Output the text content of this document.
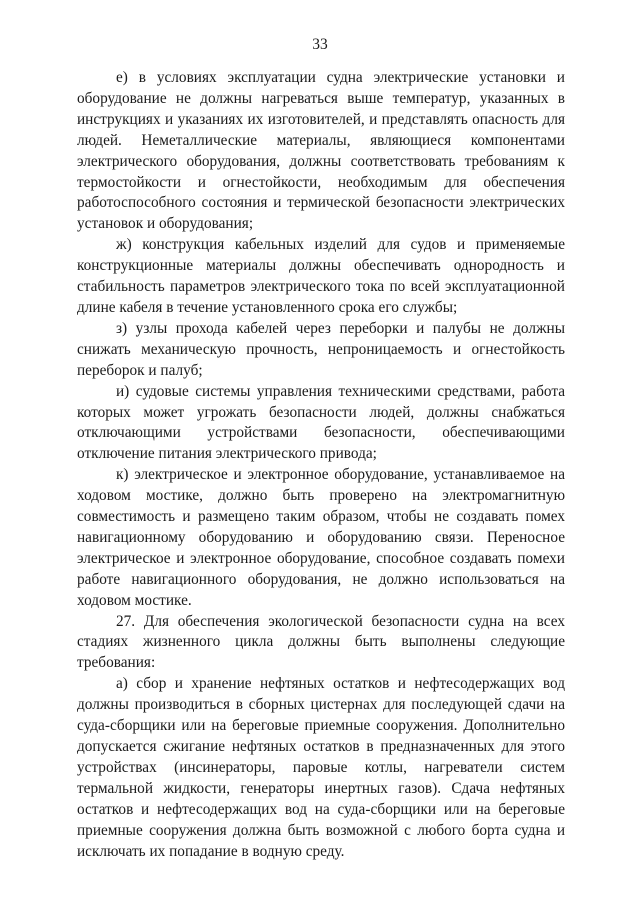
33

е) в условиях эксплуатации судна электрические установки и оборудование не должны нагреваться выше температур, указанных в инструкциях и указаниях их изготовителей, и представлять опасность для людей. Неметаллические материалы, являющиеся компонентами электрического оборудования, должны соответствовать требованиям к термостойкости и огнестойкости, необходимым для обеспечения работоспособного состояния и термической безопасности электрических установок и оборудования;

ж) конструкция кабельных изделий для судов и применяемые конструкционные материалы должны обеспечивать однородность и стабильность параметров электрического тока по всей эксплуатационной длине кабеля в течение установленного срока его службы;

з) узлы прохода кабелей через переборки и палубы не должны снижать механическую прочность, непроницаемость и огнестойкость переборок и палуб;

и) судовые системы управления техническими средствами, работа которых может угрожать безопасности людей, должны снабжаться отключающими устройствами безопасности, обеспечивающими отключение питания электрического привода;

к) электрическое и электронное оборудование, устанавливаемое на ходовом мостике, должно быть проверено на электромагнитную совместимость и размещено таким образом, чтобы не создавать помех навигационному оборудованию и оборудованию связи. Переносное электрическое и электронное оборудование, способное создавать помехи работе навигационного оборудования, не должно использоваться на ходовом мостике.

27. Для обеспечения экологической безопасности судна на всех стадиях жизненного цикла должны быть выполнены следующие требования:

а) сбор и хранение нефтяных остатков и нефтесодержащих вод должны производиться в сборных цистернах для последующей сдачи на суда-сборщики или на береговые приемные сооружения. Дополнительно допускается сжигание нефтяных остатков в предназначенных для этого устройствах (инсинераторы, паровые котлы, нагреватели систем термальной жидкости, генераторы инертных газов). Сдача нефтяных остатков и нефтесодержащих вод на суда-сборщики или на береговые приемные сооружения должна быть возможной с любого борта судна и исключать их попадание в водную среду.
